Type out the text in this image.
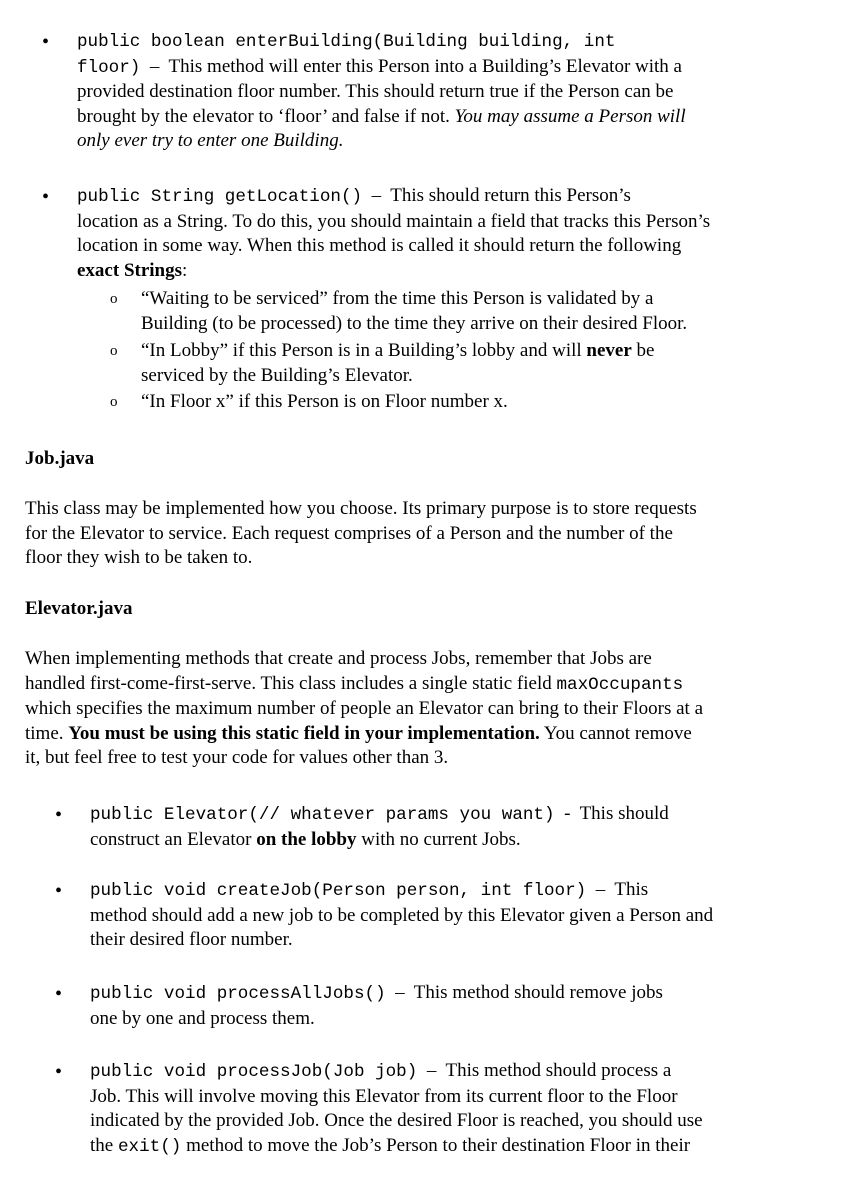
• public boolean enterBuilding(Building building, int

floor) – This method will enter this Person into a Building’s Elevator with a

provided destination floor number. This should return true if the Person can be

brought by the elevator to ‘floor’ and false if not. You may assume a Person will

only ever try to enter one Building.

• public String getLocation() – This should return this Person’s

location as a String. To do this, you should maintain a field that tracks this Person’s

location in some way. When this method is called it should return the following

exact Strings:

o “Waiting to be serviced” from the time this Person is validated by a

Building (to be processed) to the time they arrive on their desired Floor.

o “In Lobby” if this Person is in a Building’s lobby and will never be

serviced by the Building’s Elevator.

o “In Floor x” if this Person is on Floor number x.

Job.java

This class may be implemented how you choose. Its primary purpose is to store requests

for the Elevator to service. Each request comprises of a Person and the number of the

floor they wish to be taken to.

Elevator.java

When implementing methods that create and process Jobs, remember that Jobs are

handled first-come-first-serve. This class includes a single static field maxOccupants

which specifies the maximum number of people an Elevator can bring to their Floors at a

time. You must be using this static field in your implementation. You cannot remove

it, but feel free to test your code for values other than 3.

• public Elevator(// whatever params you want) - This should

construct an Elevator on the lobby with no current Jobs.

• public void createJob(Person person, int floor) – This

method should add a new job to be completed by this Elevator given a Person and

their desired floor number.

• public void processAllJobs() – This method should remove jobs

one by one and process them.

• public void processJob(Job job) – This method should process a

Job. This will involve moving this Elevator from its current floor to the Floor

indicated by the provided Job. Once the desired Floor is reached, you should use

the exit() method to move the Job’s Person to their destination Floor in their
